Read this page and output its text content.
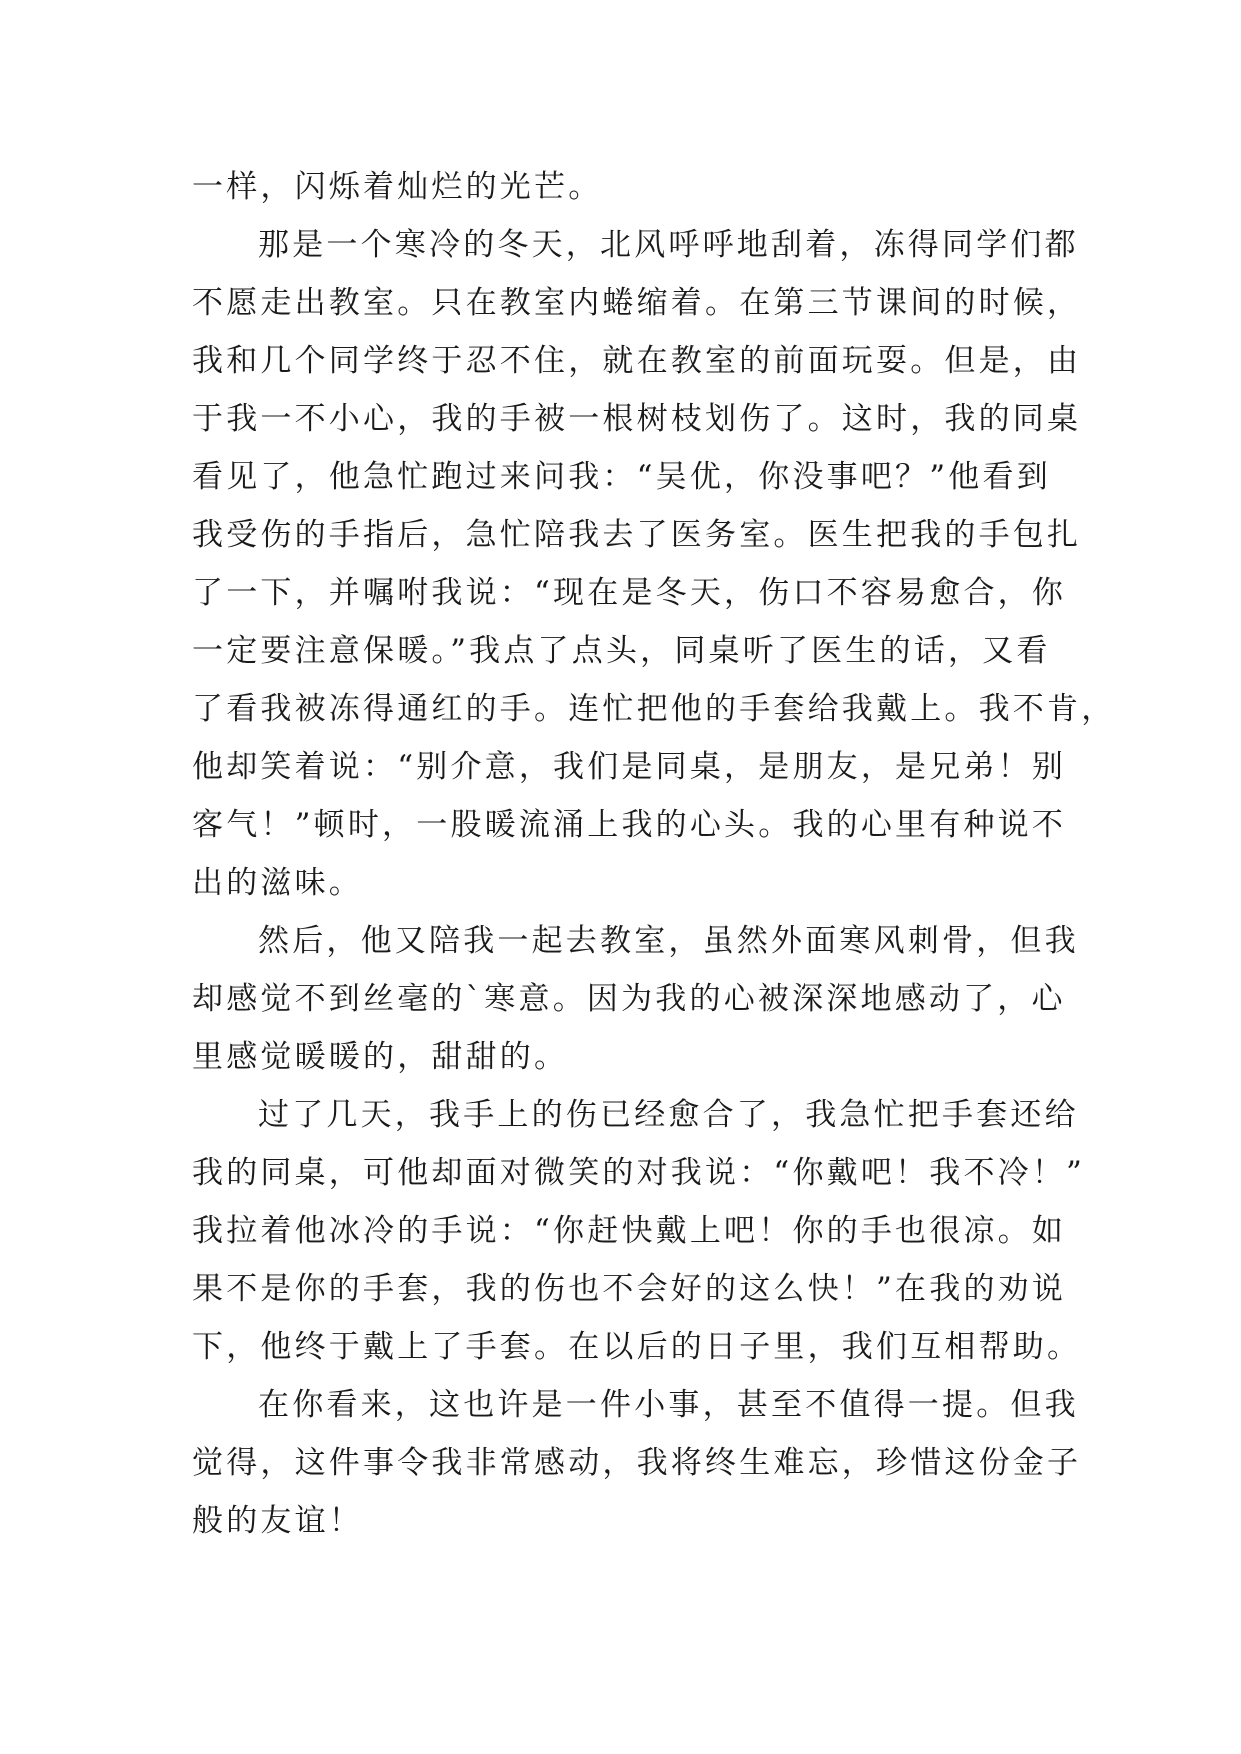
一样，闪烁着灿烂的光芒。
那是一个寒冷的冬天，北风呼呼地刮着，冻得同学们都
不愿走出教室。只在教室内蜷缩着。在第三节课间的时候，
我和几个同学终于忍不住，就在教室的前面玩耍。但是，由
于我一不小心，我的手被一根树枝划伤了。这时，我的同桌
看见了，他急忙跑过来问我：“吴优，你没事吧？”他看到
我受伤的手指后，急忙陪我去了医务室。医生把我的手包扎
了一下，并嘱咐我说：“现在是冬天，伤口不容易愈合，你
一定要注意保暖。”我点了点头，同桌听了医生的话，又看
了看我被冻得通红的手。连忙把他的手套给我戴上。我不肯，
他却笑着说：“别介意，我们是同桌，是朋友，是兄弟！别
客气！”顿时，一股暖流涌上我的心头。我的心里有种说不
出的滋味。
然后，他又陪我一起去教室，虽然外面寒风刺骨，但我
却感觉不到丝毫的`寒意。因为我的心被深深地感动了，心
里感觉暖暖的，甜甜的。
过了几天，我手上的伤已经愈合了，我急忙把手套还给
我的同桌，可他却面对微笑的对我说：“你戴吧！我不冷！”
我拉着他冰冷的手说：“你赶快戴上吧！你的手也很凉。如
果不是你的手套，我的伤也不会好的这么快！”在我的劝说
下，他终于戴上了手套。在以后的日子里，我们互相帮助。
在你看来，这也许是一件小事，甚至不值得一提。但我
觉得，这件事令我非常感动，我将终生难忘，珍惜这份金子
般的友谊！
